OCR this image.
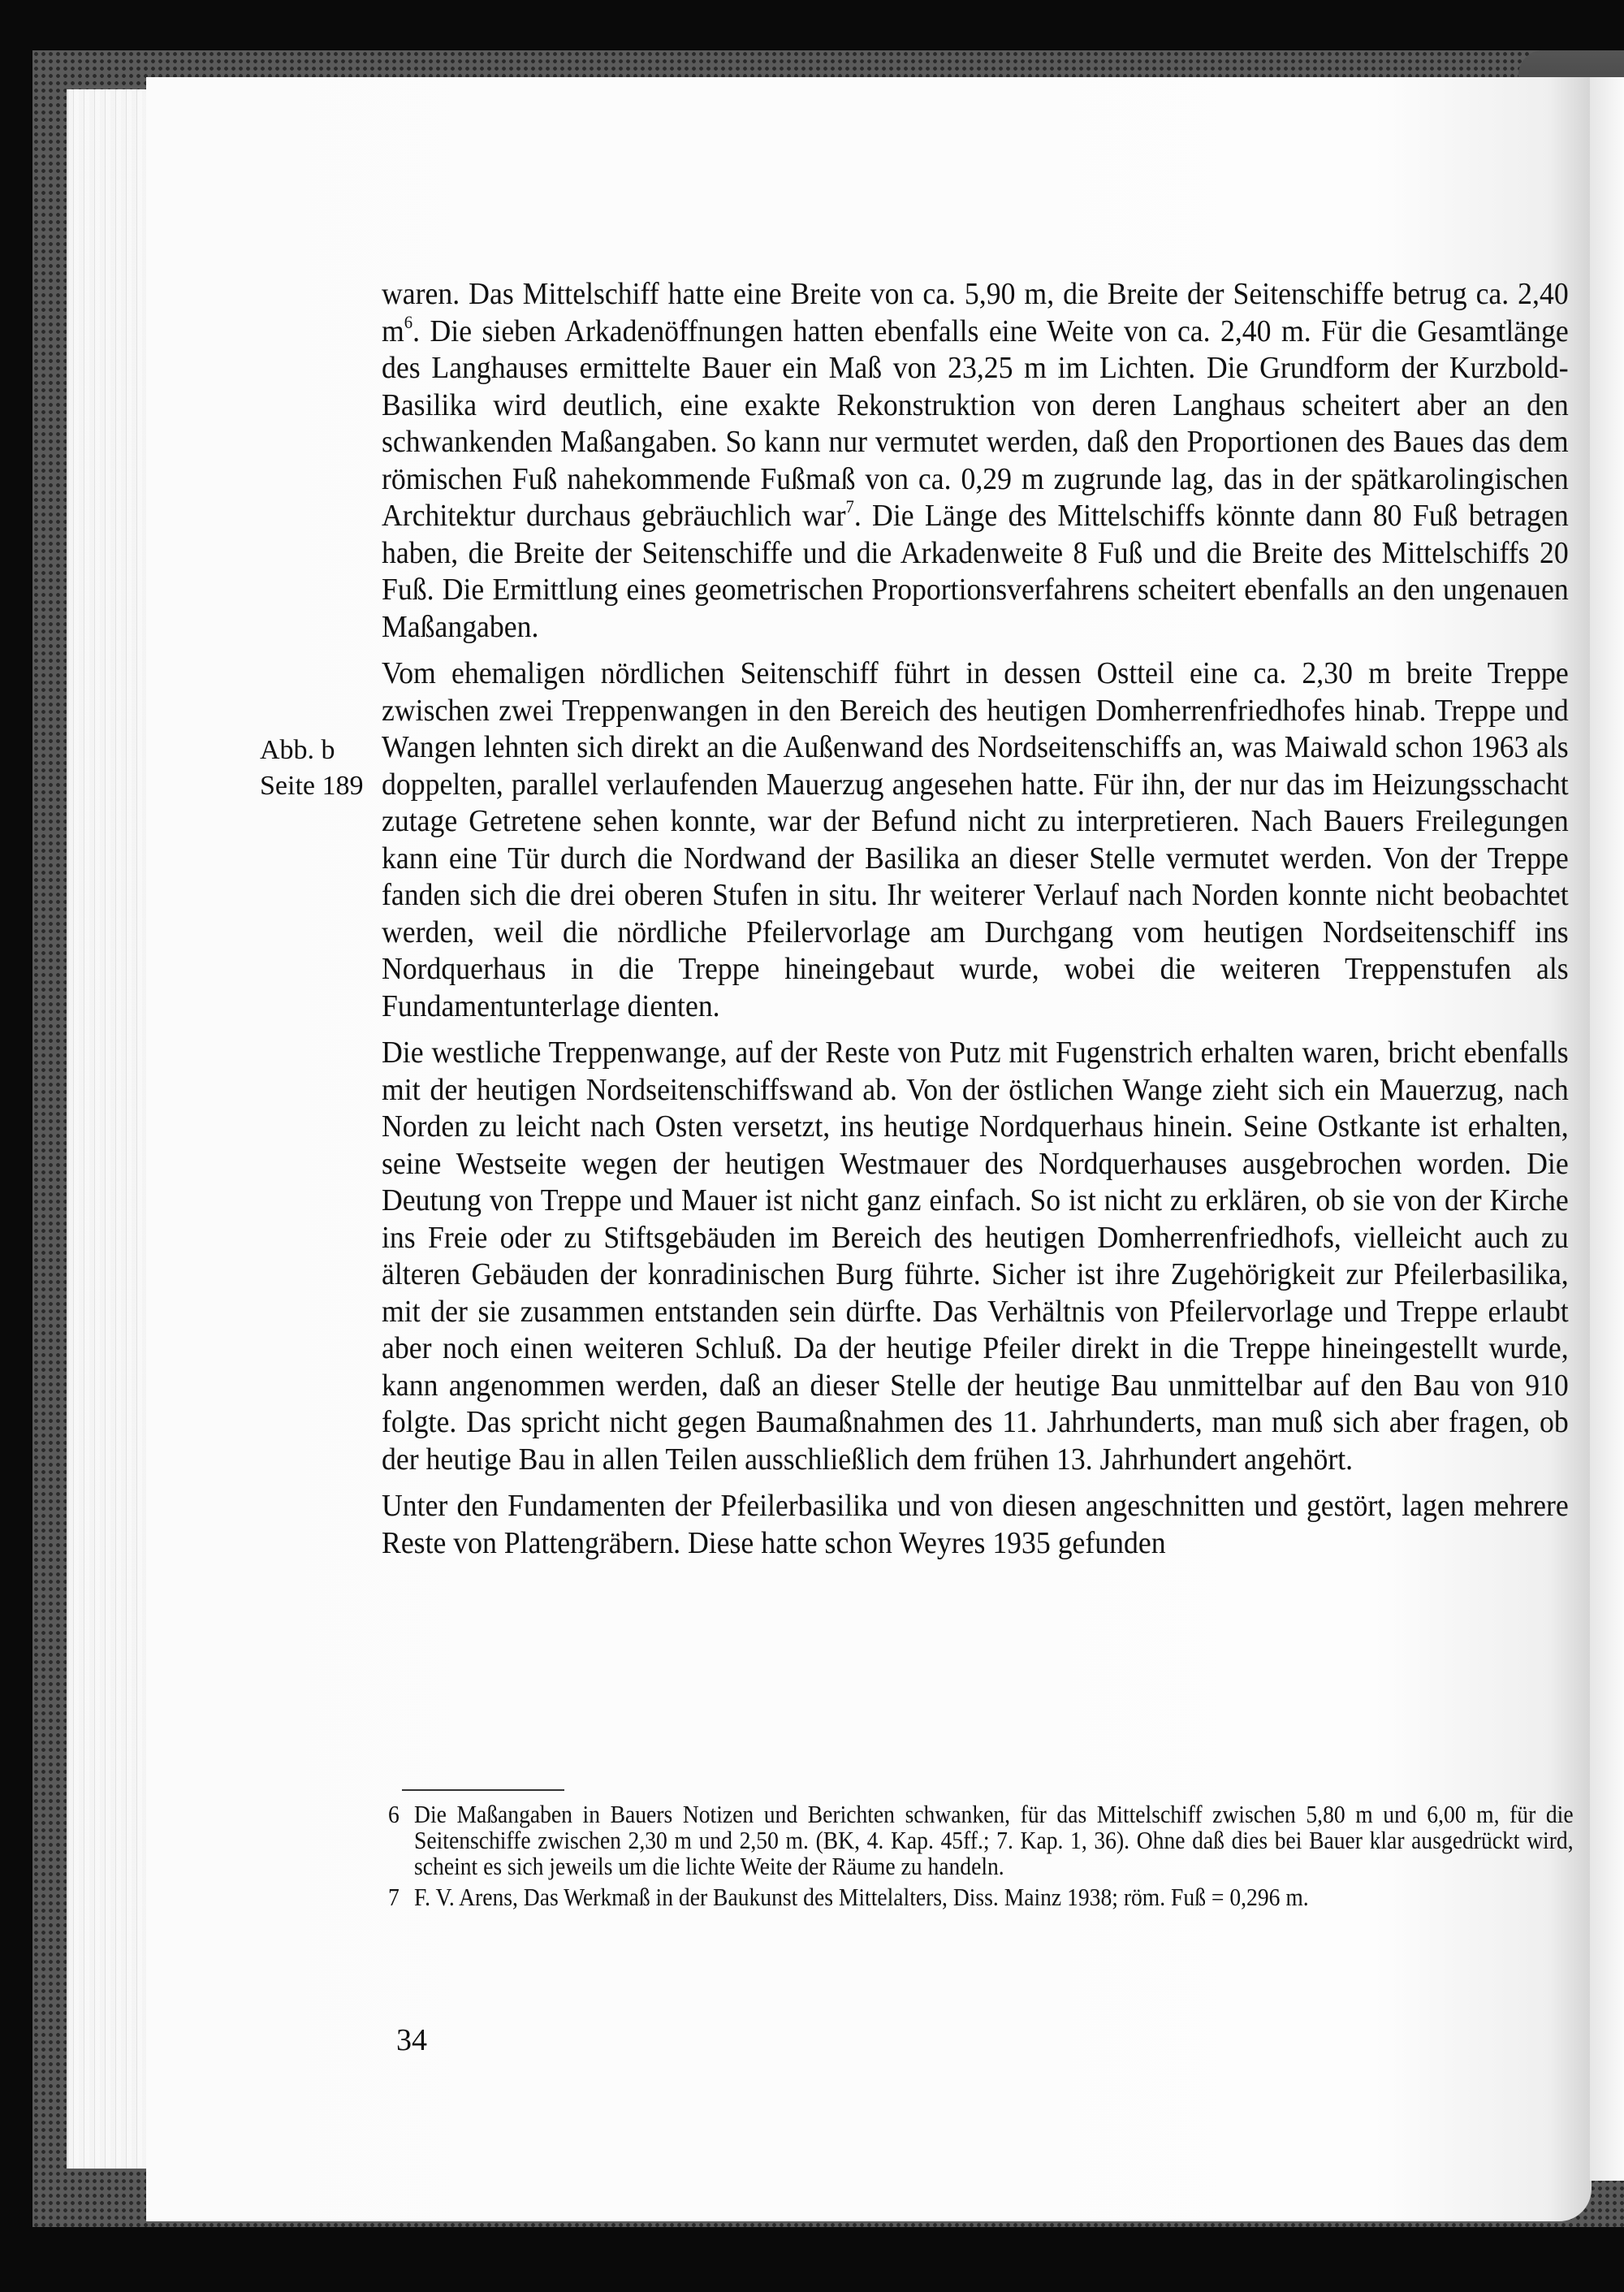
Abb. b
Seite 189

waren. Das Mittelschiff hatte eine Breite von ca. 5,90 m, die Breite der Seitenschiffe betrug ca. 2,40 $m^6$. Die sieben Arkadenöffnungen hatten ebenfalls eine Weite von ca. 2,40 m. Für die Gesamtlänge des Langhauses ermittelte Bauer ein Maß von 23,25 m im Lichten. Die Grundform der Kurzbold-Basilika wird deutlich, eine exakte Rekonstruktion von deren Langhaus scheitert aber an den schwankenden Maßangaben. So kann nur vermutet werden, daß den Proportionen des Baues das dem römischen Fuß nahekommende Fußmaß von ca. 0,29 m zugrunde lag, das in der spätkarolingischen Architektur durchaus gebräuchlich war$^7$. Die Länge des Mittelschiffs könnte dann 80 Fuß betragen haben, die Breite der Seitenschiffe und die Arkadenweite 8 Fuß und die Breite des Mittelschiffs 20 Fuß. Die Ermittlung eines geometrischen Proportionsverfahrens scheitert ebenfalls an den ungenauen Maßangaben.

Vom ehemaligen nördlichen Seitenschiff führt in dessen Ostteil eine ca. 2,30 m breite Treppe zwischen zwei Treppenwangen in den Bereich des heutigen Domherrenfriedhofes hinab. Treppe und Wangen lehnten sich direkt an die Außenwand des Nordseitenschiffs an, was Maiwald schon 1963 als doppelten, parallel verlaufenden Mauerzug angesehen hatte. Für ihn, der nur das im Heizungsschacht zutage Getretene sehen konnte, war der Befund nicht zu interpretieren. Nach Bauers Freilegungen kann eine Tür durch die Nordwand der Basilika an dieser Stelle vermutet werden. Von der Treppe fanden sich die drei oberen Stufen in situ. Ihr weiterer Verlauf nach Norden konnte nicht beobachtet werden, weil die nördliche Pfeilervorlage am Durchgang vom heutigen Nordseitenschiff ins Nordquerhaus in die Treppe hineingebaut wurde, wobei die weiteren Treppenstufen als Fundamentunterlage dienten.

Die westliche Treppenwange, auf der Reste von Putz mit Fugenstrich erhalten waren, bricht ebenfalls mit der heutigen Nordseitenschiffswand ab. Von der östlichen Wange zieht sich ein Mauerzug, nach Norden zu leicht nach Osten versetzt, ins heutige Nordquerhaus hinein. Seine Ostkante ist erhalten, seine Westseite wegen der heutigen Westmauer des Nordquerhauses ausgebrochen worden. Die Deutung von Treppe und Mauer ist nicht ganz einfach. So ist nicht zu erklären, ob sie von der Kirche ins Freie oder zu Stiftsgebäuden im Bereich des heutigen Domherrenfriedhofs, vielleicht auch zu älteren Gebäuden der konradinischen Burg führte. Sicher ist ihre Zugehörigkeit zur Pfeilerbasilika, mit der sie zusammen entstanden sein dürfte. Das Verhältnis von Pfeilervorlage und Treppe erlaubt aber noch einen weiteren Schluß. Da der heutige Pfeiler direkt in die Treppe hineingestellt wurde, kann angenommen werden, daß an dieser Stelle der heutige Bau unmittelbar auf den Bau von 910 folgte. Das spricht nicht gegen Baumaßnahmen des 11. Jahrhunderts, man muß sich aber fragen, ob der heutige Bau in allen Teilen ausschließlich dem frühen 13. Jahrhundert angehört.

Unter den Fundamenten der Pfeilerbasilika und von diesen angeschnitten und gestört, lagen mehrere Reste von Plattengräbern. Diese hatte schon Weyres 1935 gefunden

6 Die Maßangaben in Bauers Notizen und Berichten schwanken, für das Mittelschiff zwischen 5,80 m und 6,00 m, für die Seitenschiffe zwischen 2,30 m und 2,50 m. (BK, 4. Kap. 45ff.; 7. Kap. 1, 36). Ohne daß dies bei Bauer klar ausgedrückt wird, scheint es sich jeweils um die lichte Weite der Räume zu handeln.
7 F. V. Arens, Das Werkmaß in der Baukunst des Mittelalters, Diss. Mainz 1938; röm. Fuß = 0,296 m.
34
